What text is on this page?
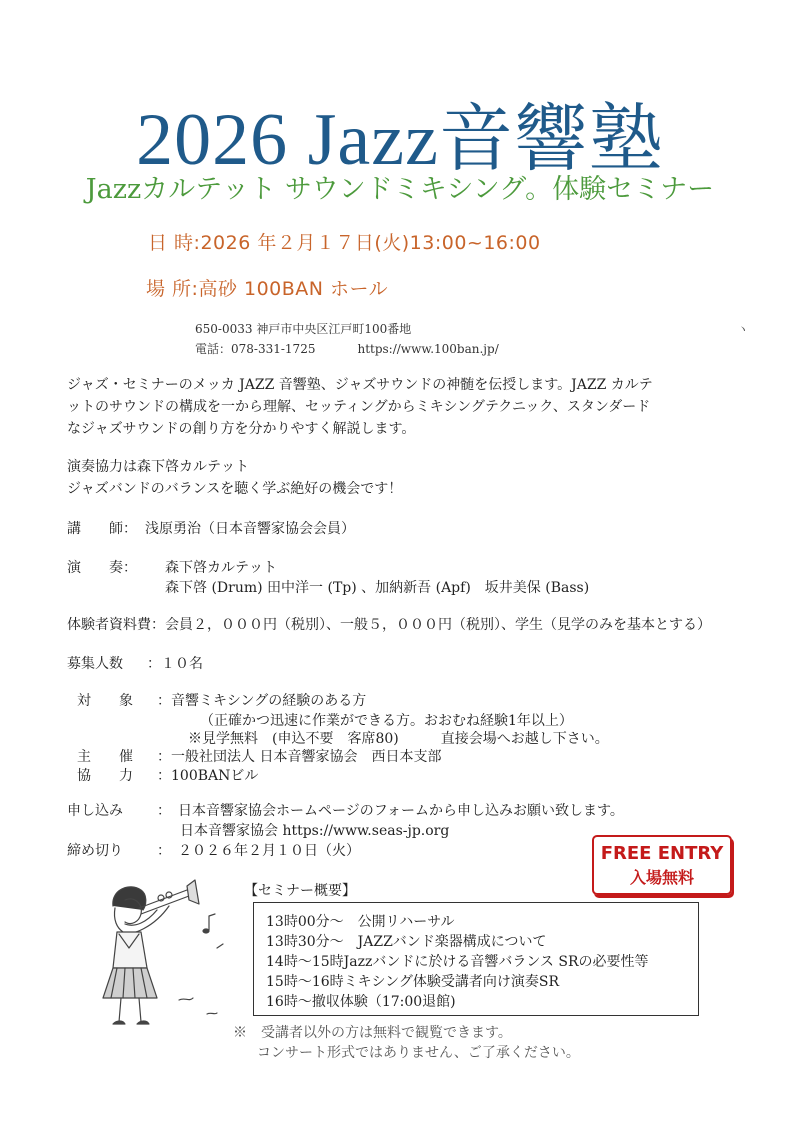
2026 Jazz音響塾
Jazzカルテット サウンドミキシング。体験セミナー
日 時:2026 年２月１７日(火)13:00~16:00
場 所:高砂 100BAN ホール
650-0033 神戸市中央区江戸町100番地
電話：078-331-1725	https://www.100ban.jp/
ヽ
ジャズ・セミナーのメッカ JAZZ 音響塾、ジャズサウンドの神髄を伝授します。JAZZ カルテ
ットのサウンドの構成を一から理解、セッティングからミキシングテクニック、スタンダード
なジャズサウンドの創り方を分かりやすく解説します。
演奏協力は森下啓カルテット
ジャズバンドのバランスを聴く学ぶ絶好の機会です！
講　　師： 浅原勇治（日本音響家協会会員）
演　　奏： 森下啓カルテット
森下啓 (Drum) 田中洋一 (Tp) 、加納新吾 (Apf)　坂井美保 (Bass)
体験者資料費：会員２，０００円（税別）、一般５，０００円（税別）、学生（見学のみを基本とする）
募集人数 ：１０名
対　　象 ：音響ミキシングの経験のある方
（正確かつ迅速に作業ができる方。おおむね経験1年以上）
※見学無料　(申込不要　客席80)　　　直接会場へお越し下さい。
主　　催 ：一般社団法人 日本音響家協会　西日本支部
協　　力 ：100BANビル
申し込み ：　日本音響家協会ホームページのフォームから申し込みお願い致します。
日本音響家協会 https://www.seas-jp.org
締め切り ：　２０２６年２月１０日（火）	FREE ENTRY
入場無料
【セミナー概要】
13時00分～　公開リハーサル
13時30分～　JAZZバンド楽器構成について
14時～15時Jazzバンドに於ける音響バランス SRの必要性等
15時～16時ミキシング体験受講者向け演奏SR
16時～撤収体験（17:00退館)
※　受講者以外の方は無料で観覧できます。
コンサート形式ではありません、ご了承ください。
